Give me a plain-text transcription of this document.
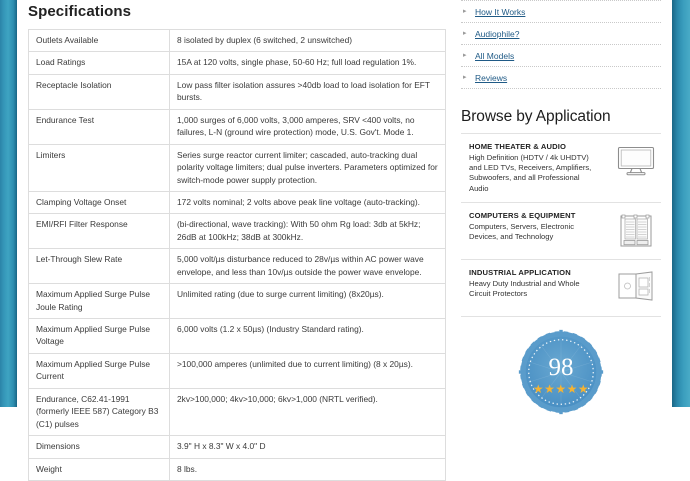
Specifications
Outlets Available	8 isolated by duplex (6 switched, 2 unswitched)
Load Ratings	15A at 120 volts, single phase, 50-60 Hz; full load regulation 1%.
Receptacle Isolation	Low pass filter isolation assures >40db load to load isolation for EFT bursts.
Endurance Test	1,000 surges of 6,000 volts, 3,000 amperes, SRV <400 volts, no failures, L-N (ground wire protection) mode, U.S. Gov't. Mode 1.
Limiters	Series surge reactor current limiter; cascaded, auto-tracking dual polarity voltage limiters; dual pulse inverters. Parameters optimized for switch-mode power supply protection.
Clamping Voltage Onset	172 volts nominal; 2 volts above peak line voltage (auto-tracking).
EMI/RFI Filter Response	(bi-directional, wave tracking): With 50 ohm Rg load: 3db at 5kHz; 26dB at 100kHz; 38dB at 300kHz.
Let-Through Slew Rate	5,000 volt/µs disturbance reduced to 28v/µs within AC power wave envelope, and less than 10v/µs outside the power wave envelope.
Maximum Applied Surge Pulse Joule Rating	Unlimited rating (due to surge current limiting) (8x20µs).
Maximum Applied Surge Pulse Voltage	6,000 volts (1.2 x 50µs) (Industry Standard rating).
Maximum Applied Surge Pulse Current	>100,000 amperes (unlimited due to current limiting) (8 x 20µs).
Endurance, C62.41-1991 (formerly IEEE 587) Category B3 (C1) pulses	2kv>100,000; 4kv>10,000; 6kv>1,000 (NRTL verified).
Dimensions	3.9" H x 8.3" W x 4.0" D
Weight	8 lbs.
▸ How It Works
▸ Audiophile?
▸ All Models
▸ Reviews
Browse by Application
HOME THEATER & AUDIO
High Definition (HDTV / 4k UHDTV) and LED TVs, Receivers, Amplifiers, Subwoofers, and all Professional Audio
COMPUTERS & EQUIPMENT
Computers, Servers, Electronic Devices, and Technology
INDUSTRIAL APPLICATION
Heavy Duty Industrial and Whole Circuit Protectors
98
★★★★★
